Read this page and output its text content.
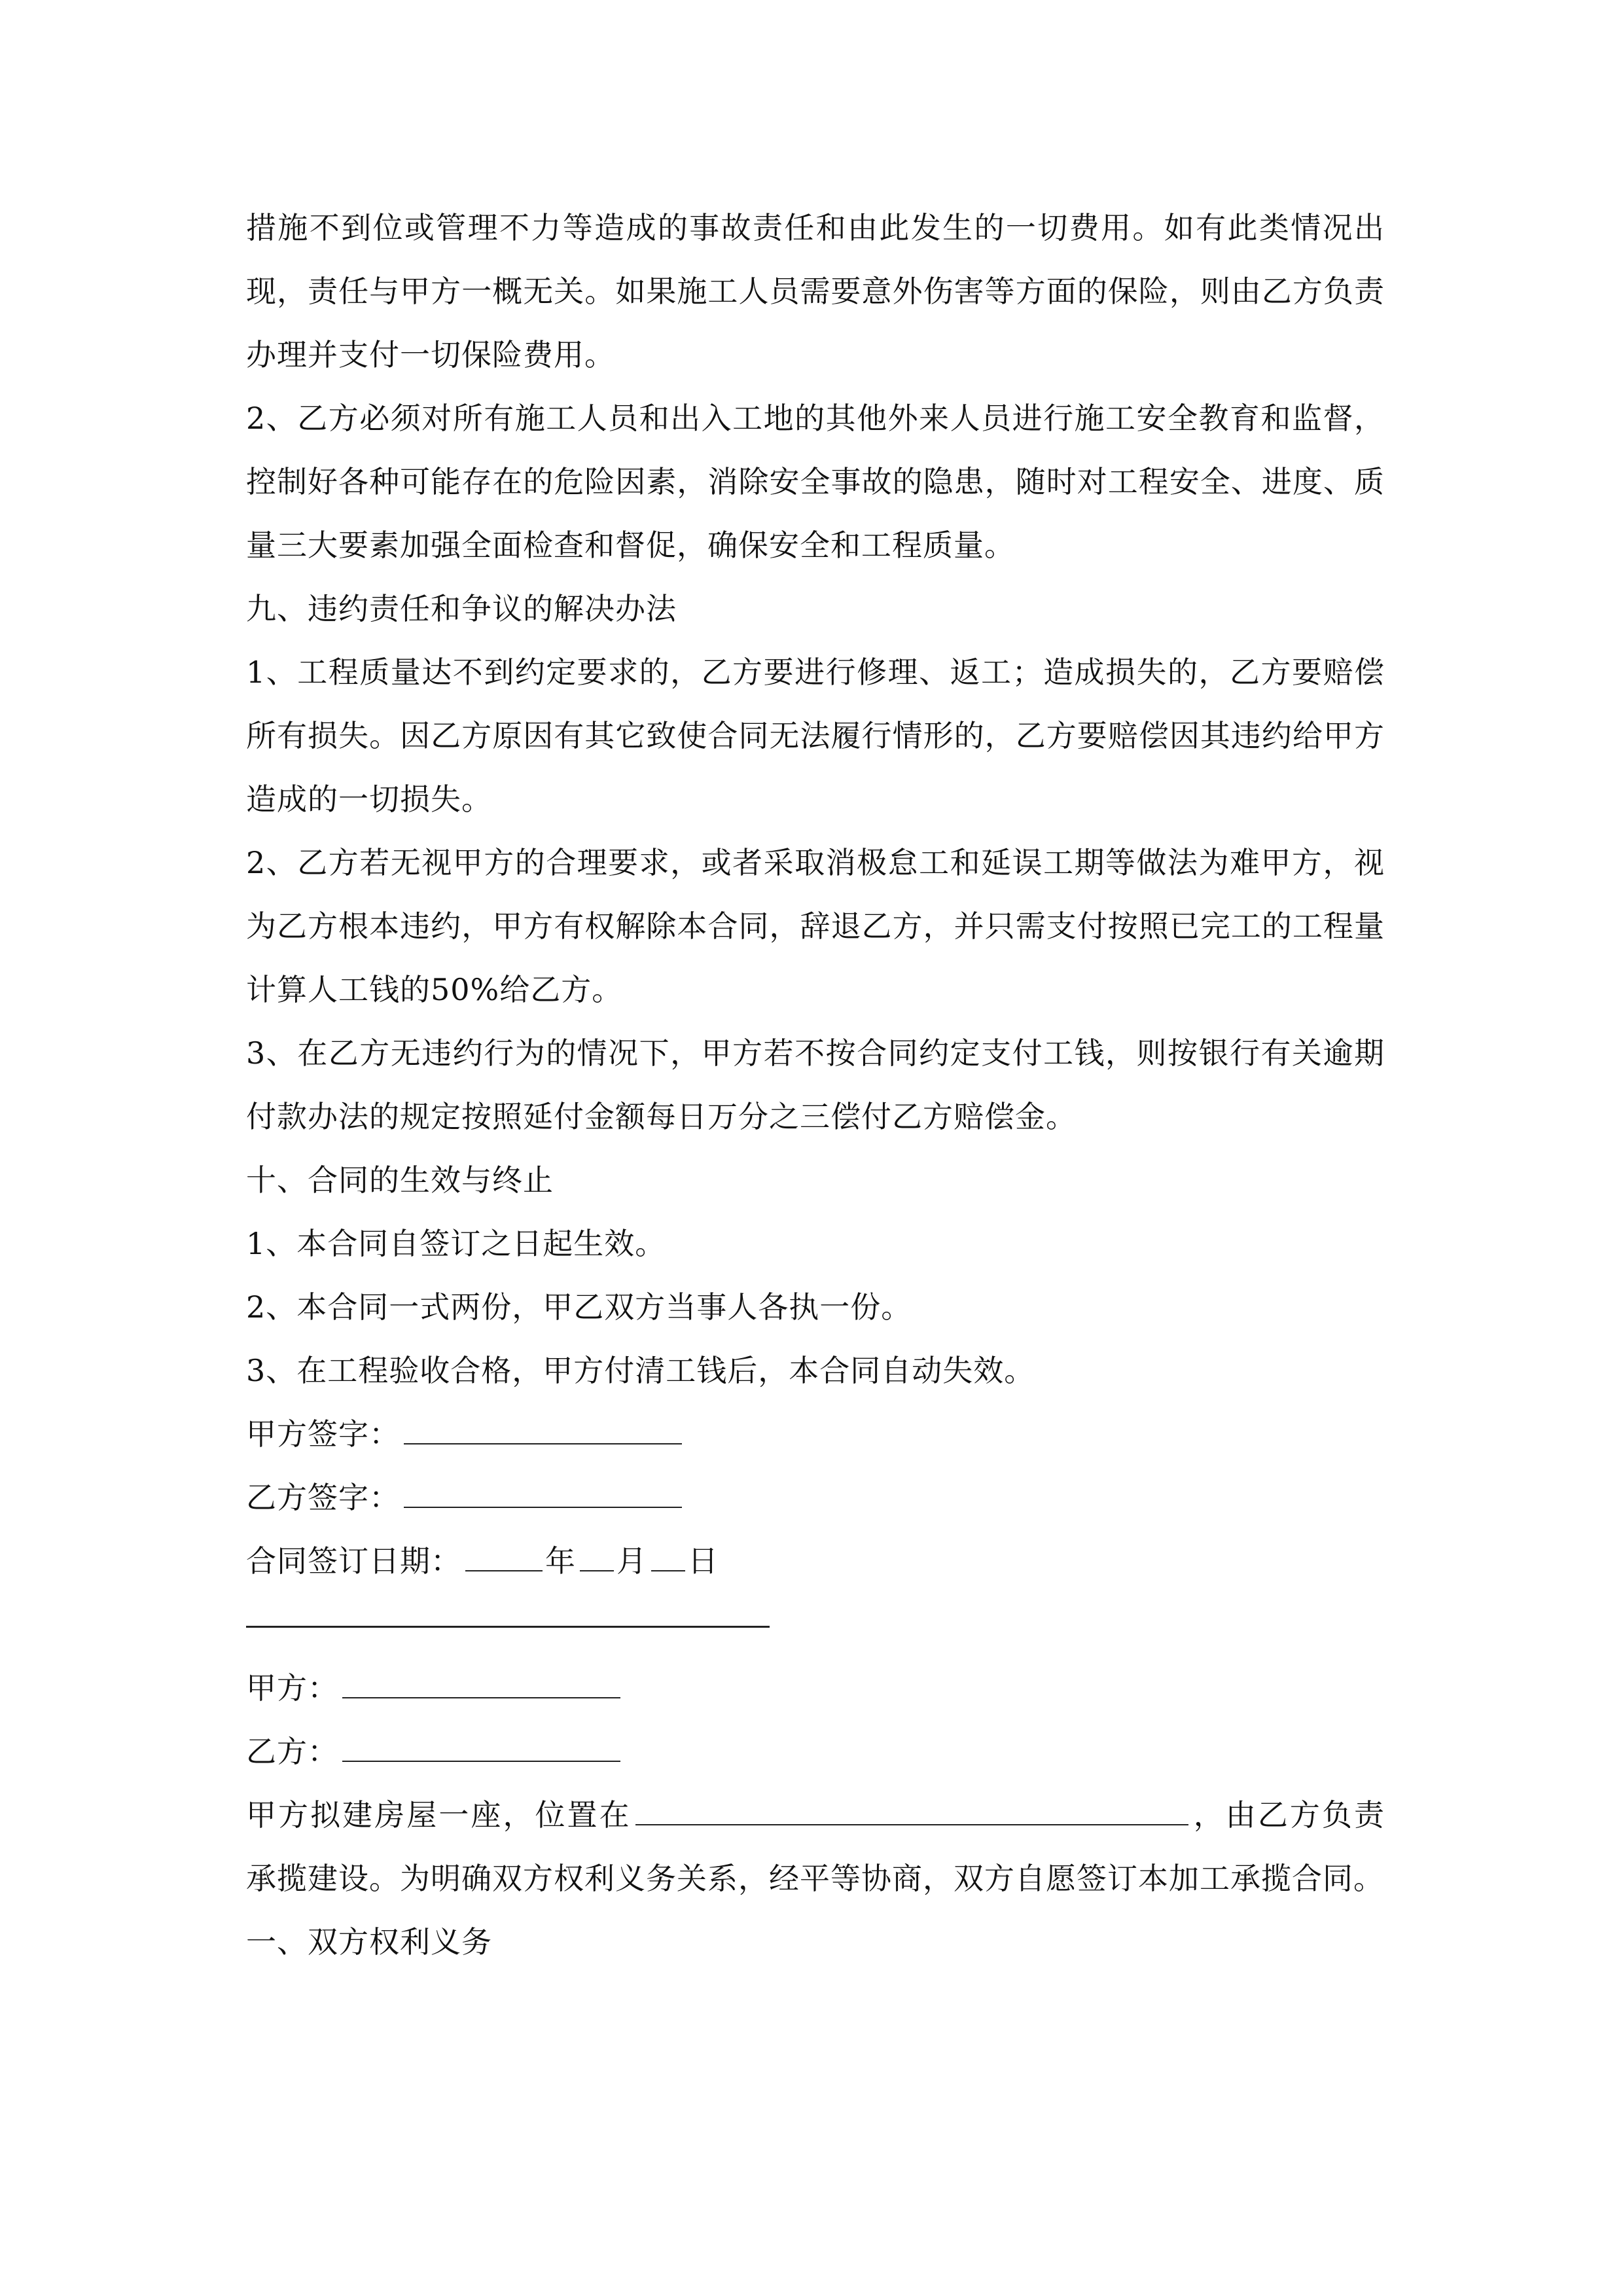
措施不到位或管理不力等造成的事故责任和由此发生的一切费用。如有此类情况出现，责任与甲方一概无关。如果施工人员需要意外伤害等方面的保险，则由乙方负责办理并支付一切保险费用。

2、乙方必须对所有施工人员和出入工地的其他外来人员进行施工安全教育和监督，控制好各种可能存在的危险因素，消除安全事故的隐患，随时对工程安全、进度、质量三大要素加强全面检查和督促，确保安全和工程质量。

九、违约责任和争议的解决办法

1、工程质量达不到约定要求的，乙方要进行修理、返工；造成损失的，乙方要赔偿所有损失。因乙方原因有其它致使合同无法履行情形的，乙方要赔偿因其违约给甲方造成的一切损失。

2、乙方若无视甲方的合理要求，或者采取消极怠工和延误工期等做法为难甲方，视为乙方根本违约，甲方有权解除本合同，辞退乙方，并只需支付按照已完工的工程量计算人工钱的50%给乙方。

3、在乙方无违约行为的情况下，甲方若不按合同约定支付工钱，则按银行有关逾期付款办法的规定按照延付金额每日万分之三偿付乙方赔偿金。

十、合同的生效与终止

1、本合同自签订之日起生效。

2、本合同一式两份，甲乙双方当事人各执一份。

3、在工程验收合格，甲方付清工钱后，本合同自动失效。

甲方签字：

乙方签字：

合同签订日期：	年 月 日

甲方：

乙方：

甲方拟建房屋一座，位置在	，由乙方负责承揽建设。为明确双方权利义务关系，经平等协商，双方自愿签订本加工承揽合同。

一、双方权利义务
